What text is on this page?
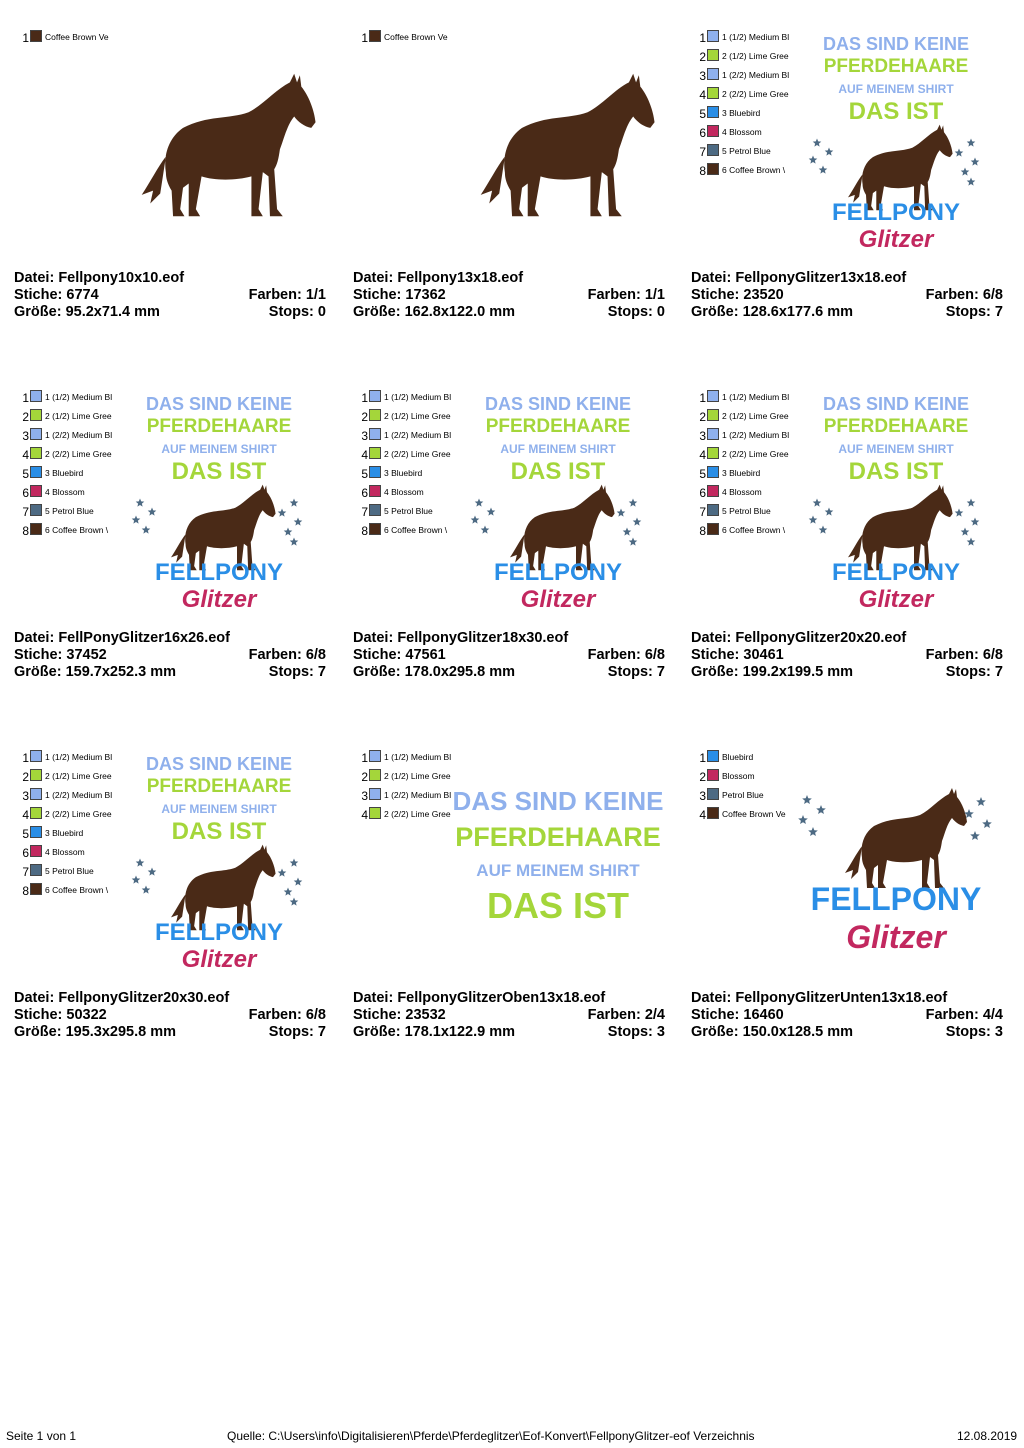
1 Coffee Brown Ve
Datei: Fellpony10x10.eof
Stiche: 6774	Farben: 1/1
Größe: 95.2x71.4 mm	Stops: 0
1 Coffee Brown Ve
Datei: Fellpony13x18.eof
Stiche: 17362	Farben: 1/1
Größe: 162.8x122.0 mm	Stops: 0
1 1 (1/2) Medium Bl
2 2 (1/2) Lime Gree
3 1 (2/2) Medium Bl
4 2 (2/2) Lime Gree
5 3 Bluebird
6 4 Blossom
7 5 Petrol Blue
8 6 Coffee Brown \
DAS SIND KEINE
PFERDEHAARE
AUF MEINEM SHIRT
DAS IST
FELLPONY
Glitzer
Datei: FellponyGlitzer13x18.eof
Stiche: 23520	Farben: 6/8
Größe: 128.6x177.6 mm	Stops: 7
1 1 (1/2) Medium Bl
2 2 (1/2) Lime Gree
3 1 (2/2) Medium Bl
4 2 (2/2) Lime Gree
5 3 Bluebird
6 4 Blossom
7 5 Petrol Blue
8 6 Coffee Brown \
DAS SIND KEINE
PFERDEHAARE
AUF MEINEM SHIRT
DAS IST
FELLPONY
Glitzer
Datei: FellPonyGlitzer16x26.eof
Stiche: 37452	Farben: 6/8
Größe: 159.7x252.3 mm	Stops: 7
1 1 (1/2) Medium Bl
2 2 (1/2) Lime Gree
3 1 (2/2) Medium Bl
4 2 (2/2) Lime Gree
5 3 Bluebird
6 4 Blossom
7 5 Petrol Blue
8 6 Coffee Brown \
DAS SIND KEINE
PFERDEHAARE
AUF MEINEM SHIRT
DAS IST
FELLPONY
Glitzer
Datei: FellponyGlitzer18x30.eof
Stiche: 47561	Farben: 6/8
Größe: 178.0x295.8 mm	Stops: 7
1 1 (1/2) Medium Bl
2 2 (1/2) Lime Gree
3 1 (2/2) Medium Bl
4 2 (2/2) Lime Gree
5 3 Bluebird
6 4 Blossom
7 5 Petrol Blue
8 6 Coffee Brown \
DAS SIND KEINE
PFERDEHAARE
AUF MEINEM SHIRT
DAS IST
FELLPONY
Glitzer
Datei: FellponyGlitzer20x20.eof
Stiche: 30461	Farben: 6/8
Größe: 199.2x199.5 mm	Stops: 7
1 1 (1/2) Medium Bl
2 2 (1/2) Lime Gree
3 1 (2/2) Medium Bl
4 2 (2/2) Lime Gree
5 3 Bluebird
6 4 Blossom
7 5 Petrol Blue
8 6 Coffee Brown \
DAS SIND KEINE
PFERDEHAARE
AUF MEINEM SHIRT
DAS IST
FELLPONY
Glitzer
Datei: FellponyGlitzer20x30.eof
Stiche: 50322	Farben: 6/8
Größe: 195.3x295.8 mm	Stops: 7
1 1 (1/2) Medium Bl
2 2 (1/2) Lime Gree
3 1 (2/2) Medium Bl
4 2 (2/2) Lime Gree DAS SIND KEINE
PFERDEHAARE
AUF MEINEM SHIRT
DAS IST
Datei: FellponyGlitzerOben13x18.eof
Stiche: 23532	Farben: 2/4
Größe: 178.1x122.9 mm	Stops: 3
1 Bluebird
2 Blossom
3 Petrol Blue
4 Coffee Brown Ve
FELLPONY
Glitzer
Datei: FellponyGlitzerUnten13x18.eof
Stiche: 16460	Farben: 4/4
Größe: 150.0x128.5 mm	Stops: 3
Seite 1 von 1	Quelle: C:\Users\info\Digitalisieren\Pferde\Pferdeglitzer\Eof-Konvert\FellponyGlitzer-eof Verzeichnis	12.08.2019
